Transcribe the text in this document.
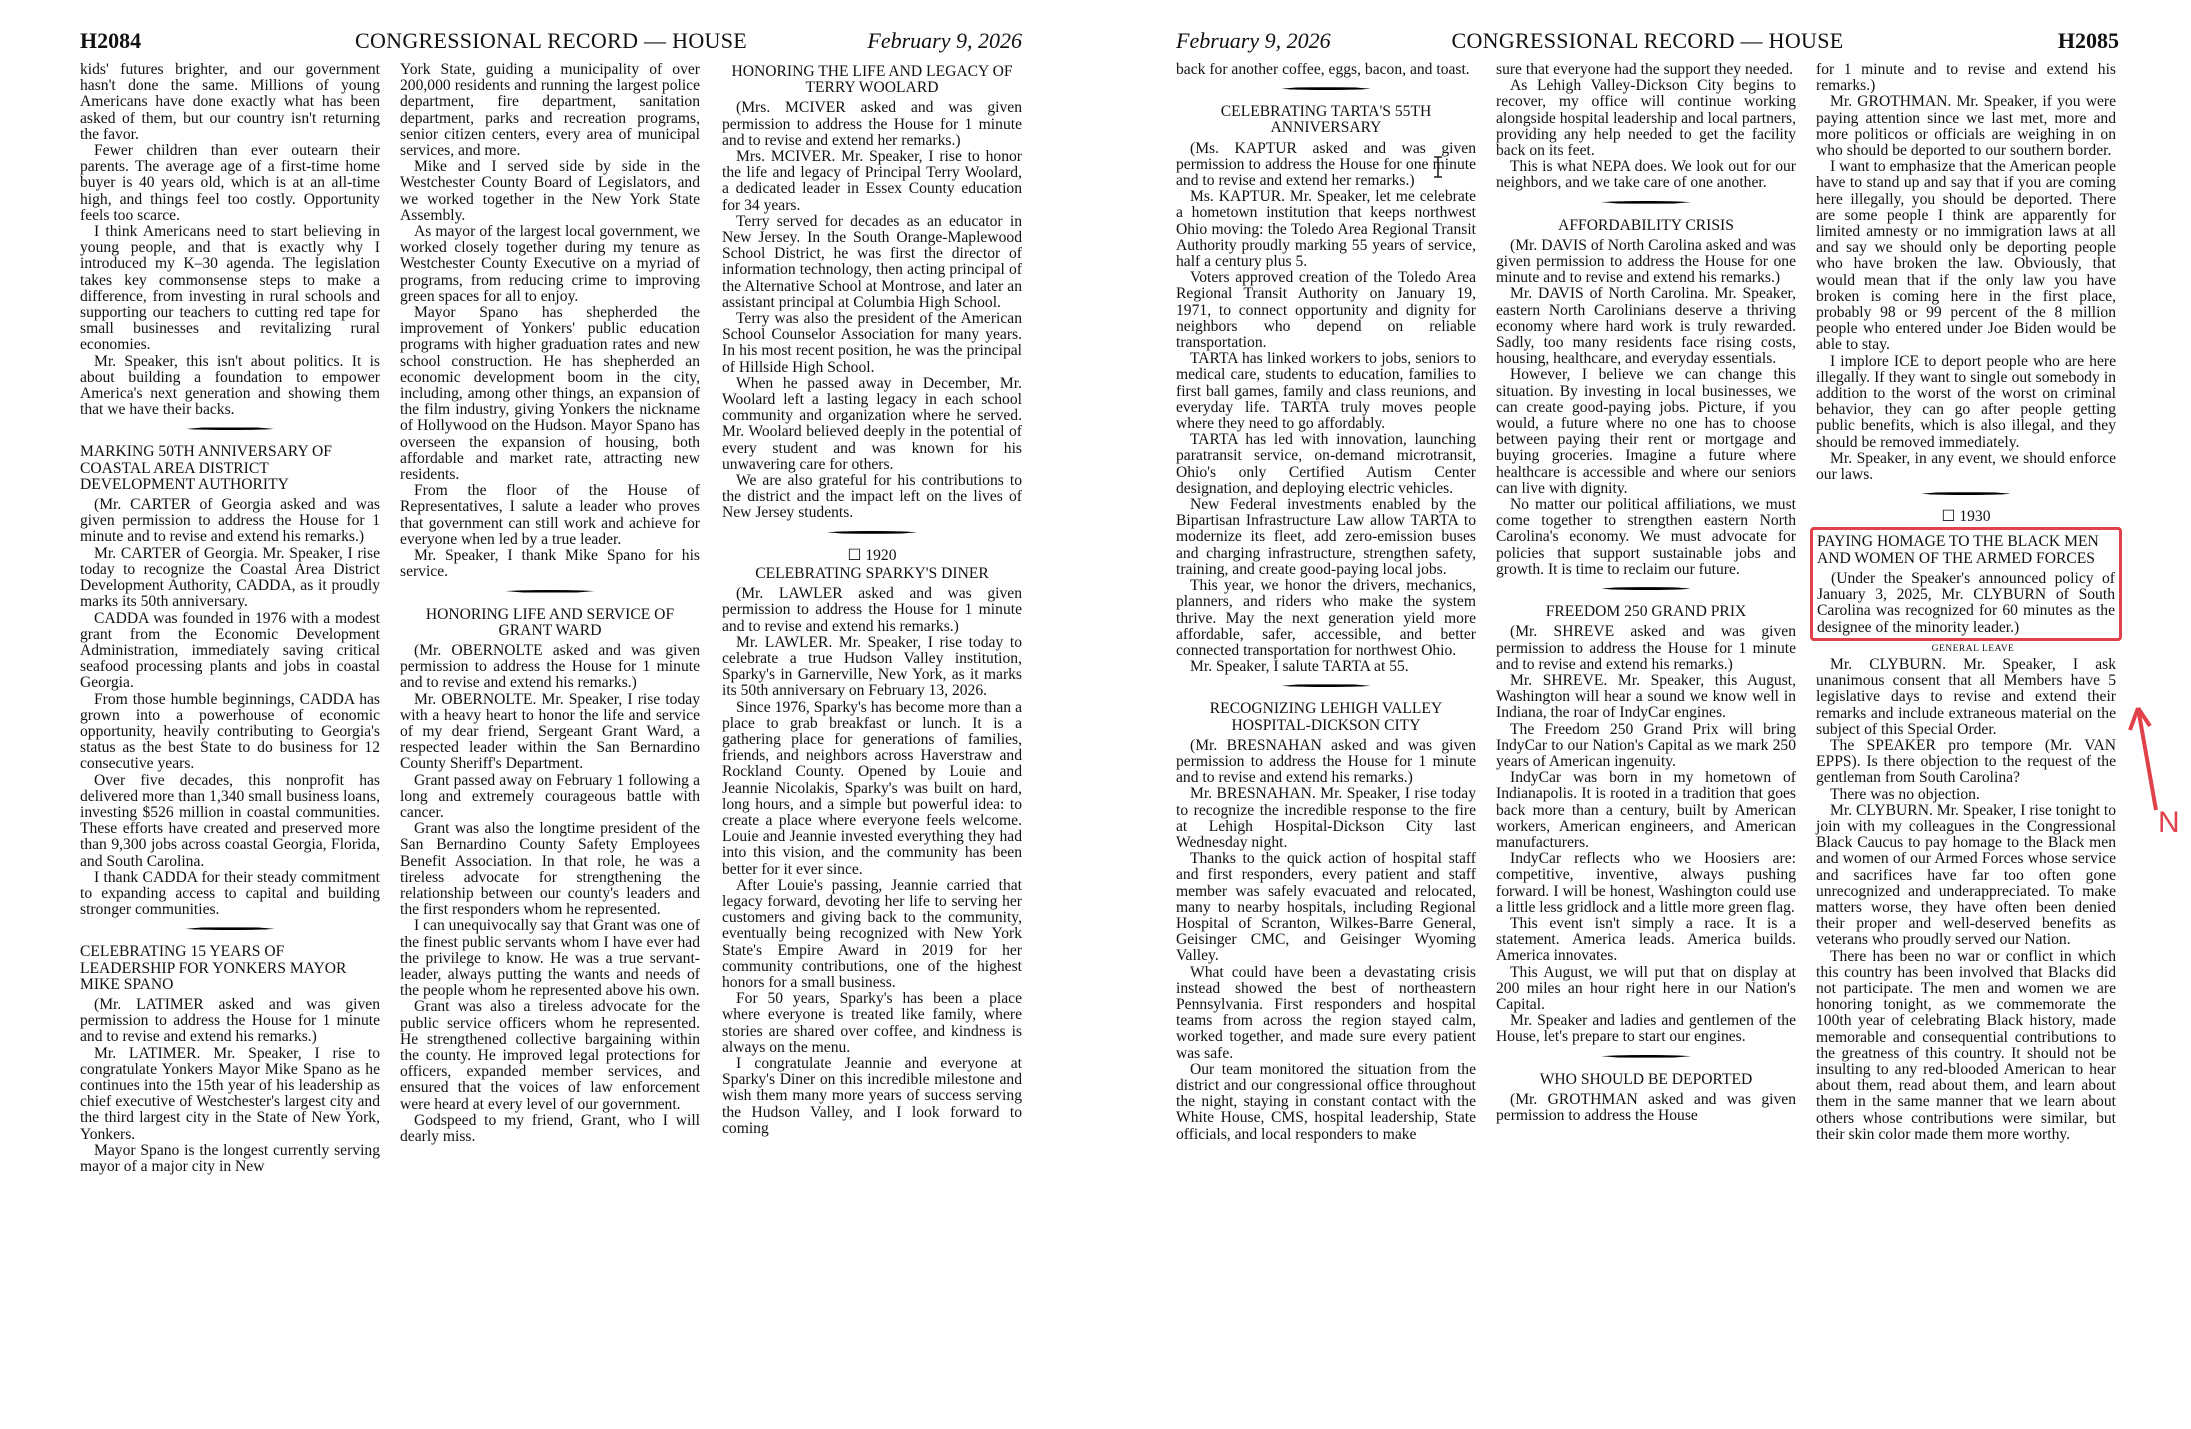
H2084	CONGRESSIONAL RECORD — HOUSE	February 9, 2026

kids' futures brighter, and our government hasn't done the same. Millions of young Americans have done exactly what has been asked of them, but our country isn't returning the favor.

Fewer children than ever outearn their parents. The average age of a first-time home buyer is 40 years old, which is at an all-time high, and things feel too costly. Opportunity feels too scarce.

I think Americans need to start believing in young people, and that is exactly why I introduced my K–30 agenda. The legislation takes key commonsense steps to make a difference, from investing in rural schools and supporting our teachers to cutting red tape for small businesses and revitalizing rural economies.

Mr. Speaker, this isn't about politics. It is about building a foundation to empower America's next generation and showing them that we have their backs.

MARKING 50TH ANNIVERSARY OF COASTAL AREA DISTRICT DEVELOPMENT AUTHORITY

(Mr. CARTER of Georgia asked and was given permission to address the House for 1 minute and to revise and extend his remarks.)

Mr. CARTER of Georgia. Mr. Speaker, I rise today to recognize the Coastal Area District Development Authority, CADDA, as it proudly marks its 50th anniversary.

CADDA was founded in 1976 with a modest grant from the Economic Development Administration, immediately saving critical seafood processing plants and jobs in coastal Georgia.

From those humble beginnings, CADDA has grown into a powerhouse of economic opportunity, heavily contributing to Georgia's status as the best State to do business for 12 consecutive years.

Over five decades, this nonprofit has delivered more than 1,340 small business loans, investing $526 million in coastal communities. These efforts have created and preserved more than 9,300 jobs across coastal Georgia, Florida, and South Carolina.

I thank CADDA for their steady commitment to expanding access to capital and building stronger communities.

CELEBRATING 15 YEARS OF LEADERSHIP FOR YONKERS MAYOR MIKE SPANO

(Mr. LATIMER asked and was given permission to address the House for 1 minute and to revise and extend his remarks.)

Mr. LATIMER. Mr. Speaker, I rise to congratulate Yonkers Mayor Mike Spano as he continues into the 15th year of his leadership as chief executive of Westchester's largest city and the third largest city in the State of New York, Yonkers.

Mayor Spano is the longest currently serving mayor of a major city in New

York State, guiding a municipality of over 200,000 residents and running the largest police department, fire department, sanitation department, parks and recreation programs, senior citizen centers, every area of municipal services, and more.

Mike and I served side by side in the Westchester County Board of Legislators, and we worked together in the New York State Assembly.

As mayor of the largest local government, we worked closely together during my tenure as Westchester County Executive on a myriad of programs, from reducing crime to improving green spaces for all to enjoy.

Mayor Spano has shepherded the improvement of Yonkers' public education programs with higher graduation rates and new school construction. He has shepherded an economic development boom in the city, including, among other things, an expansion of the film industry, giving Yonkers the nickname of Hollywood on the Hudson. Mayor Spano has overseen the expansion of housing, both affordable and market rate, attracting new residents.

From the floor of the House of Representatives, I salute a leader who proves that government can still work and achieve for everyone when led by a true leader.

Mr. Speaker, I thank Mike Spano for his service.

HONORING LIFE AND SERVICE OF GRANT WARD

(Mr. OBERNOLTE asked and was given permission to address the House for 1 minute and to revise and extend his remarks.)

Mr. OBERNOLTE. Mr. Speaker, I rise today with a heavy heart to honor the life and service of my dear friend, Sergeant Grant Ward, a respected leader within the San Bernardino County Sheriff's Department.

Grant passed away on February 1 following a long and extremely courageous battle with cancer.

Grant was also the longtime president of the San Bernardino County Safety Employees Benefit Association. In that role, he was a tireless advocate for strengthening the relationship between our county's leaders and the first responders whom he represented.

I can unequivocally say that Grant was one of the finest public servants whom I have ever had the privilege to know. He was a true servant-leader, always putting the wants and needs of the people whom he represented above his own.

Grant was also a tireless advocate for the public service officers whom he represented. He strengthened collective bargaining within the county. He improved legal protections for officers, expanded member services, and ensured that the voices of law enforcement were heard at every level of our government.

Godspeed to my friend, Grant, who I will dearly miss.

HONORING THE LIFE AND LEGACY OF TERRY WOOLARD

(Mrs. MCIVER asked and was given permission to address the House for 1 minute and to revise and extend her remarks.)

Mrs. MCIVER. Mr. Speaker, I rise to honor the life and legacy of Principal Terry Woolard, a dedicated leader in Essex County education for 34 years.

Terry served for decades as an educator in New Jersey. In the South Orange-Maplewood School District, he was first the director of information technology, then acting principal of the Alternative School at Montrose, and later an assistant principal at Columbia High School.

Terry was also the president of the American School Counselor Association for many years. In his most recent position, he was the principal of Hillside High School.

When he passed away in December, Mr. Woolard left a lasting legacy in each school community and organization where he served. Mr. Woolard believed deeply in the potential of every student and was known for his unwavering care for others.

We are also grateful for his contributions to the district and the impact left on the lives of New Jersey students.

☐ 1920

CELEBRATING SPARKY'S DINER

(Mr. LAWLER asked and was given permission to address the House for 1 minute and to revise and extend his remarks.)

Mr. LAWLER. Mr. Speaker, I rise today to celebrate a true Hudson Valley institution, Sparky's in Garnerville, New York, as it marks its 50th anniversary on February 13, 2026.

Since 1976, Sparky's has become more than a place to grab breakfast or lunch. It is a gathering place for generations of families, friends, and neighbors across Haverstraw and Rockland County. Opened by Louie and Jeannie Nicolakis, Sparky's was built on hard, long hours, and a simple but powerful idea: to create a place where everyone feels welcome. Louie and Jeannie invested everything they had into this vision, and the community has been better for it ever since.

After Louie's passing, Jeannie carried that legacy forward, devoting her life to serving her customers and giving back to the community, eventually being recognized with New York State's Empire Award in 2019 for her community contributions, one of the highest honors for a small business.

For 50 years, Sparky's has been a place where everyone is treated like family, where stories are shared over coffee, and kindness is always on the menu.

I congratulate Jeannie and everyone at Sparky's Diner on this incredible milestone and wish them many more years of success serving the Hudson Valley, and I look forward to coming

February 9, 2026	CONGRESSIONAL RECORD — HOUSE	H2085

back for another coffee, eggs, bacon, and toast.

CELEBRATING TARTA'S 55TH ANNIVERSARY

(Ms. KAPTUR asked and was given permission to address the House for one minute and to revise and extend her remarks.)

Ms. KAPTUR. Mr. Speaker, let me celebrate a hometown institution that keeps northwest Ohio moving: the Toledo Area Regional Transit Authority proudly marking 55 years of service, half a century plus 5.

Voters approved creation of the Toledo Area Regional Transit Authority on January 19, 1971, to connect opportunity and dignity for neighbors who depend on reliable transportation.

TARTA has linked workers to jobs, seniors to medical care, students to education, families to first ball games, family and class reunions, and everyday life. TARTA truly moves people where they need to go affordably.

TARTA has led with innovation, launching paratransit service, on-demand microtransit, Ohio's only Certified Autism Center designation, and deploying electric vehicles.

New Federal investments enabled by the Bipartisan Infrastructure Law allow TARTA to modernize its fleet, add zero-emission buses and charging infrastructure, strengthen safety, training, and create good-paying local jobs.

This year, we honor the drivers, mechanics, planners, and riders who make the system thrive. May the next generation yield more affordable, safer, accessible, and better connected transportation for northwest Ohio.

Mr. Speaker, I salute TARTA at 55.

RECOGNIZING LEHIGH VALLEY HOSPITAL-DICKSON CITY

(Mr. BRESNAHAN asked and was given permission to address the House for 1 minute and to revise and extend his remarks.)

Mr. BRESNAHAN. Mr. Speaker, I rise today to recognize the incredible response to the fire at Lehigh Hospital-Dickson City last Wednesday night.

Thanks to the quick action of hospital staff and first responders, every patient and staff member was safely evacuated and relocated, many to nearby hospitals, including Regional Hospital of Scranton, Wilkes-Barre General, Geisinger CMC, and Geisinger Wyoming Valley.

What could have been a devastating crisis instead showed the best of northeastern Pennsylvania. First responders and hospital teams from across the region stayed calm, worked together, and made sure every patient was safe.

Our team monitored the situation from the district and our congressional office throughout the night, staying in constant contact with the White House, CMS, hospital leadership, State officials, and local responders to make

sure that everyone had the support they needed.

As Lehigh Valley-Dickson City begins to recover, my office will continue working alongside hospital leadership and local partners, providing any help needed to get the facility back on its feet.

This is what NEPA does. We look out for our neighbors, and we take care of one another.

AFFORDABILITY CRISIS

(Mr. DAVIS of North Carolina asked and was given permission to address the House for one minute and to revise and extend his remarks.)

Mr. DAVIS of North Carolina. Mr. Speaker, eastern North Carolinians deserve a thriving economy where hard work is truly rewarded. Sadly, too many residents face rising costs, housing, healthcare, and everyday essentials.

However, I believe we can change this situation. By investing in local businesses, we can create good-paying jobs. Picture, if you would, a future where no one has to choose between paying their rent or mortgage and buying groceries. Imagine a future where healthcare is accessible and where our seniors can live with dignity.

No matter our political affiliations, we must come together to strengthen eastern North Carolina's economy. We must advocate for policies that support sustainable jobs and growth. It is time to reclaim our future.

FREEDOM 250 GRAND PRIX

(Mr. SHREVE asked and was given permission to address the House for 1 minute and to revise and extend his remarks.)

Mr. SHREVE. Mr. Speaker, this August, Washington will hear a sound we know well in Indiana, the roar of IndyCar engines.

The Freedom 250 Grand Prix will bring IndyCar to our Nation's Capital as we mark 250 years of American ingenuity.

IndyCar was born in my hometown of Indianapolis. It is rooted in a tradition that goes back more than a century, built by American workers, American engineers, and American manufacturers.

IndyCar reflects who we Hoosiers are: competitive, inventive, always pushing forward. I will be honest, Washington could use a little less gridlock and a little more green flag.

This event isn't simply a race. It is a statement. America leads. America builds. America innovates.

This August, we will put that on display at 200 miles an hour right here in our Nation's Capital.

Mr. Speaker and ladies and gentlemen of the House, let's prepare to start our engines.

WHO SHOULD BE DEPORTED

(Mr. GROTHMAN asked and was given permission to address the House

for 1 minute and to revise and extend his remarks.)

Mr. GROTHMAN. Mr. Speaker, if you were paying attention since we last met, more and more politicos or officials are weighing in on who should be deported to our southern border.

I want to emphasize that the American people have to stand up and say that if you are coming here illegally, you should be deported. There are some people I think are apparently for limited amnesty or no immigration laws at all and say we should only be deporting people who have broken the law. Obviously, that would mean that if the only law you have broken is coming here in the first place, probably 98 or 99 percent of the 8 million people who entered under Joe Biden would be able to stay.

I implore ICE to deport people who are here illegally. If they want to single out somebody in addition to the worst of the worst on criminal behavior, they can go after people getting public benefits, which is also illegal, and they should be removed immediately.

Mr. Speaker, in any event, we should enforce our laws.

☐ 1930

PAYING HOMAGE TO THE BLACK MEN AND WOMEN OF THE ARMED FORCES

(Under the Speaker's announced policy of January 3, 2025, Mr. CLYBURN of South Carolina was recognized for 60 minutes as the designee of the minority leader.)

GENERAL LEAVE

Mr. CLYBURN. Mr. Speaker, I ask unanimous consent that all Members have 5 legislative days to revise and extend their remarks and include extraneous material on the subject of this Special Order.

The SPEAKER pro tempore (Mr. VAN EPPS). Is there objection to the request of the gentleman from South Carolina?

There was no objection.

Mr. CLYBURN. Mr. Speaker, I rise tonight to join with my colleagues in the Congressional Black Caucus to pay homage to the Black men and women of our Armed Forces whose service and sacrifices have far too often gone unrecognized and underappreciated. To make matters worse, they have often been denied their proper and well-deserved benefits as veterans who proudly served our Nation.

There has been no war or conflict in which this country has been involved that Blacks did not participate. The men and women we are honoring tonight, as we commemorate the 100th year of celebrating Black history, made memorable and consequential contributions to the greatness of this country. It should not be insulting to any red-blooded American to hear about them, read about them, and learn about them in the same manner that we learn about others whose contributions were similar, but their skin color made them more worthy.

N
